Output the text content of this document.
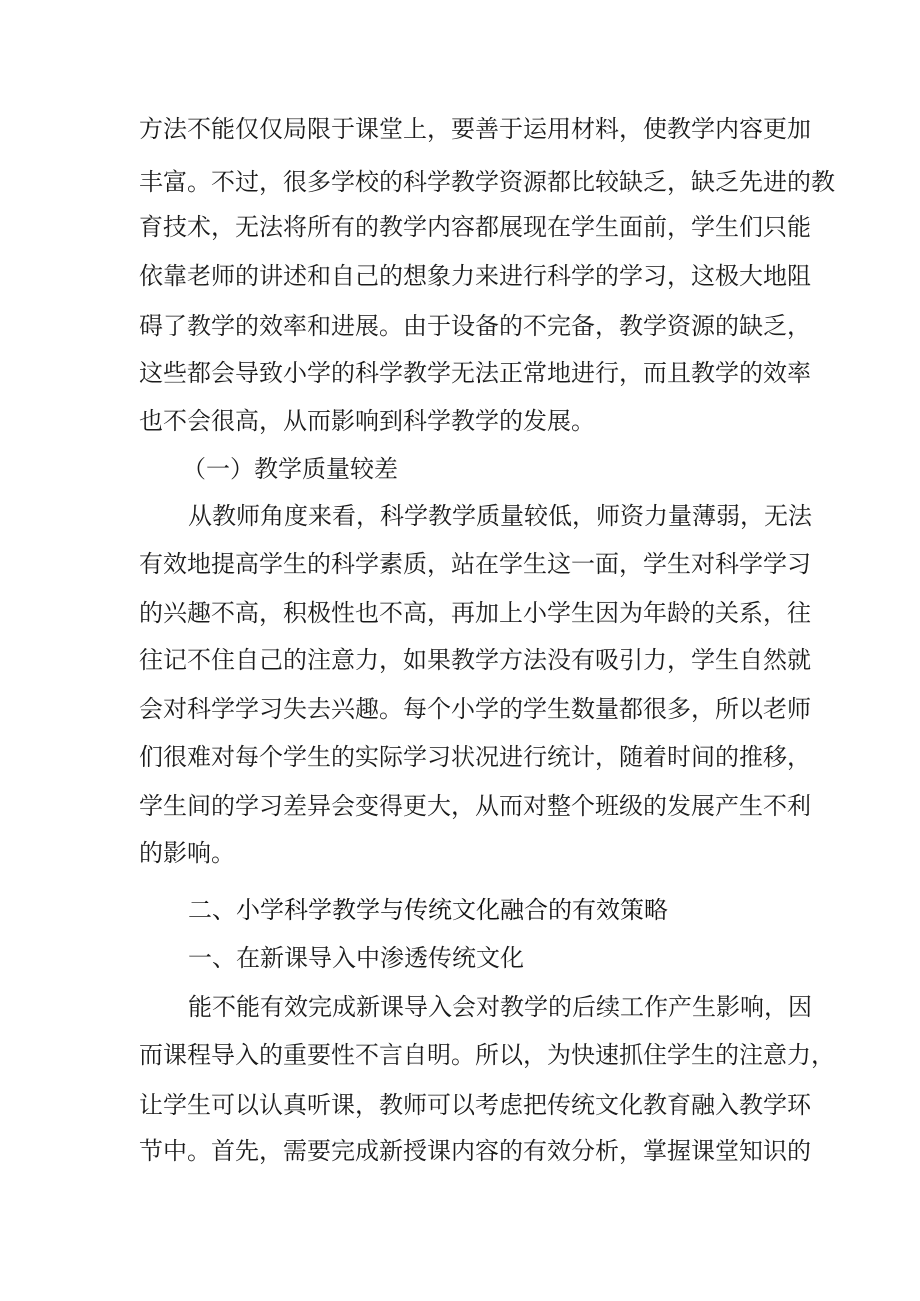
方法不能仅仅局限于课堂上，要善于运用材料，使教学内容更加
丰富。不过，很多学校的科学教学资源都比较缺乏，缺乏先进的教
育技术，无法将所有的教学内容都展现在学生面前，学生们只能
依靠老师的讲述和自己的想象力来进行科学的学习，这极大地阻
碍了教学的效率和进展。由于设备的不完备，教学资源的缺乏，
这些都会导致小学的科学教学无法正常地进行，而且教学的效率
也不会很高，从而影响到科学教学的发展。
（一）教学质量较差
从教师角度来看，科学教学质量较低，师资力量薄弱，无法
有效地提高学生的科学素质，站在学生这一面，学生对科学学习
的兴趣不高，积极性也不高，再加上小学生因为年龄的关系，往
往记不住自己的注意力，如果教学方法没有吸引力，学生自然就
会对科学学习失去兴趣。每个小学的学生数量都很多，所以老师
们很难对每个学生的实际学习状况进行统计，随着时间的推移，
学生间的学习差异会变得更大，从而对整个班级的发展产生不利
的影响。
二、小学科学教学与传统文化融合的有效策略
一、在新课导入中渗透传统文化
能不能有效完成新课导入会对教学的后续工作产生影响，因
而课程导入的重要性不言自明。所以，为快速抓住学生的注意力，
让学生可以认真听课，教师可以考虑把传统文化教育融入教学环
节中。首先，需要完成新授课内容的有效分析，掌握课堂知识的
